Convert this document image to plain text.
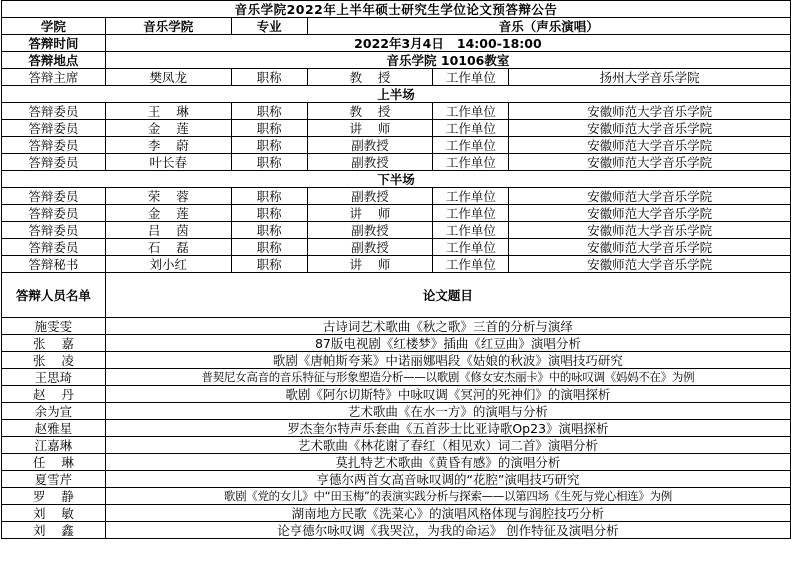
音乐学院2022年上半年硕士研究生学位论文预答辩公告					
学院	音乐学院	专业	音乐（声乐演唱）		
答辩时间	2022年3月4日   14:00-18:00				
答辩地点	音乐学院 10106教室				
答辩主席	樊凤龙	职称	教    授	工作单位	扬州大学音乐学院
上半场					
答辩委员	王    琳	职称	教    授	工作单位	安徽师范大学音乐学院
答辩委员	金    莲	职称	讲    师	工作单位	安徽师范大学音乐学院
答辩委员	李    蔚	职称	副教授	工作单位	安徽师范大学音乐学院
答辩委员	叶长春	职称	副教授	工作单位	安徽师范大学音乐学院
下半场					
答辩委员	荣    蓉	职称	副教授	工作单位	安徽师范大学音乐学院
答辩委员	金    莲	职称	讲    师	工作单位	安徽师范大学音乐学院
答辩委员	吕    茵	职称	副教授	工作单位	安徽师范大学音乐学院
答辩委员	石    磊	职称	副教授	工作单位	安徽师范大学音乐学院
答辩秘书	刘小红	职称	讲    师	工作单位	安徽师范大学音乐学院
答辩人员名单	论文题目				
施雯雯	古诗词艺术歌曲《秋之歌》三首的分析与演绎				
张    嘉	87版电视剧《红楼梦》插曲《红豆曲》演唱分析				
张    凌	歌剧《唐帕斯夸莱》中诺丽娜唱段《姑娘的秋波》演唱技巧研究				
王思琦	普契尼女高音的音乐特征与形象塑造分析——以歌剧《修女安杰丽卡》中的咏叹调《妈妈不在》为例				
赵    丹	歌剧《阿尔切斯特》中咏叹调《冥河的死神们》的演唱探析				
余为宣	艺术歌曲《在水一方》的演唱与分析				
赵雅星	罗杰奎尔特声乐套曲《五首莎士比亚诗歌Op23》演唱探析				
江嘉琳	艺术歌曲《林花谢了春红（相见欢）词二首》演唱分析				
任    琳	莫扎特艺术歌曲《黄昏有感》的演唱分析				
夏雪芹	亨德尔两首女高音咏叹调的“花腔”演唱技巧研究				
罗    静	歌剧《党的女儿》中“田玉梅”的表演实践分析与探索——以第四场《生死与党心相连》为例				
刘    敏	湖南地方民歌《洗菜心》的演唱风格体现与润腔技巧分析				
刘    鑫	论亨德尔咏叹调《我哭泣，为我的命运》 创作特征及演唱分析				
